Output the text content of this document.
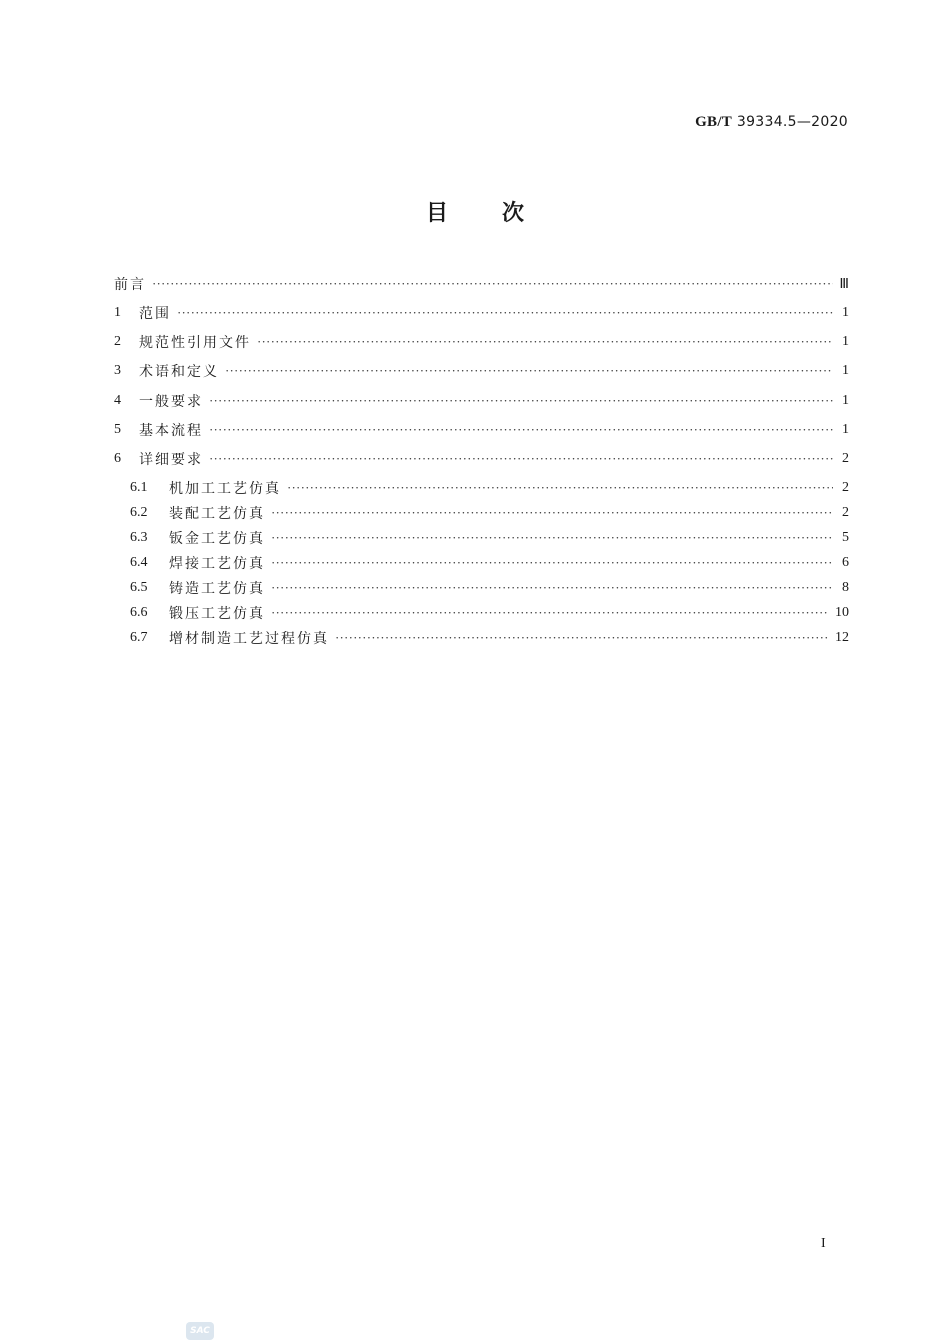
GB/T 39334.5—2020
目次
前言 ·····	Ⅲ
1	范围 ·····	1
2	规范性引用文件 ·····	1
3	术语和定义 ·····	1
4	一般要求 ·····	1
5	基本流程 ·····	1
6	详细要求 ·····	2
6.1	机加工工艺仿真 ·····	2
6.2	装配工艺仿真 ·····	2
6.3	钣金工艺仿真 ·····	5
6.4	焊接工艺仿真 ·····	6
6.5	铸造工艺仿真 ·····	8
6.6	锻压工艺仿真 ·····	10
6.7	增材制造工艺过程仿真 ·····	12
I
SAC
